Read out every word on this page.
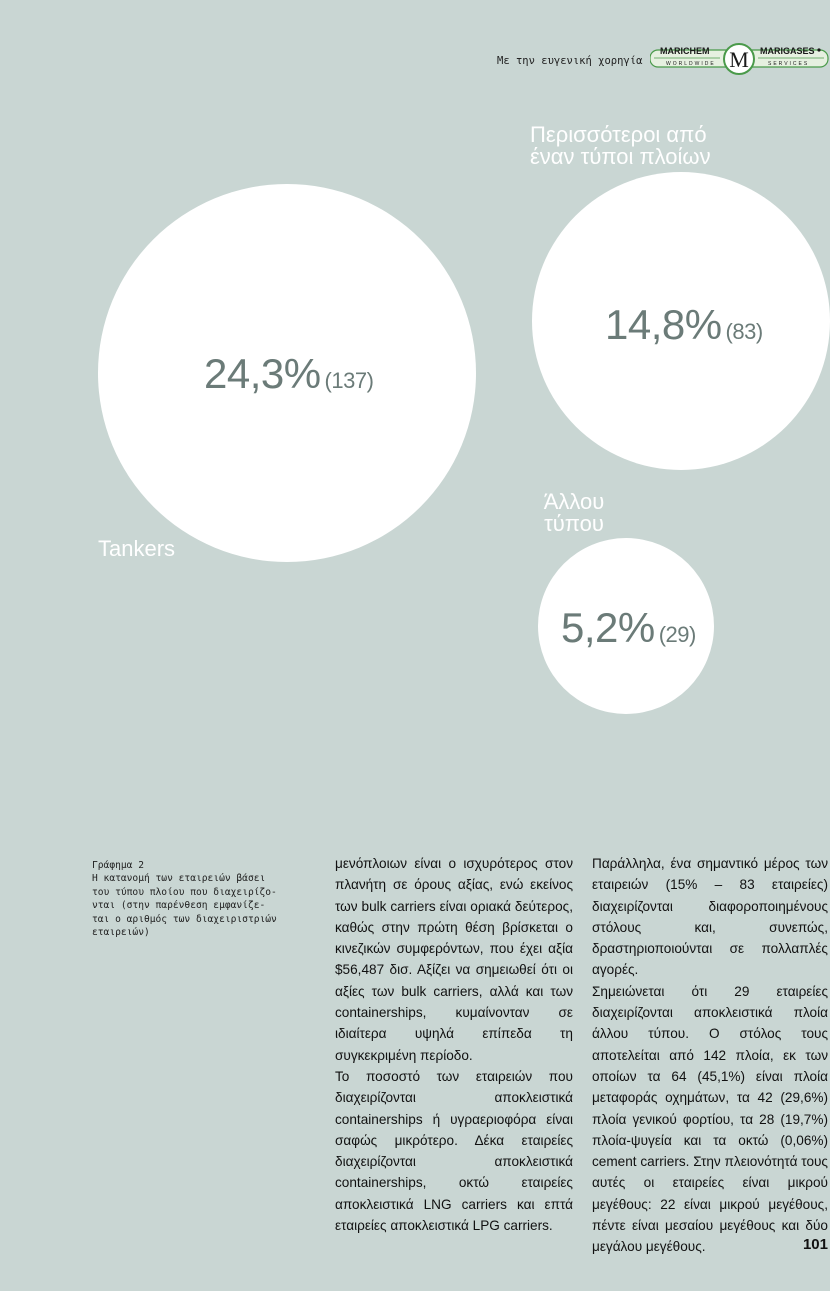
Με την ευγενική χορηγία
MARICHEM
WORLDWIDE
MARIGASES
SERVICES
M
24,3% (137)
Tankers
14,8% (83)
Περισσότεροι από
έναν τύποι πλοίων
5,2% (29)
Άλλου
τύπου
Γράφημα 2
Η κατανομή των εταιρειών βάσει
του τύπου πλοίου που διαχειρίζο-
νται (στην παρένθεση εμφανίζε-
ται ο αριθμός των διαχειριστριών
εταιρειών)

μενόπλοιων είναι ο ισχυρότερος στον πλανήτη σε όρους αξίας, ενώ εκείνος των bulk carriers είναι οριακά δεύτερος, καθώς στην πρώτη θέση βρίσκεται ο κινεζικών συμφερόντων, που έχει αξία $56,487 δισ. Αξίζει να σημειωθεί ότι οι αξίες των bulk carriers, αλλά και των containerships, κυμαίνονταν σε ιδιαίτερα υψηλά επίπεδα τη συγκεκριμένη περίοδο.

Το ποσοστό των εταιρειών που διαχειρίζονται αποκλειστικά containerships ή υγραεριοφόρα είναι σαφώς μικρότερο. Δέκα εταιρείες διαχειρίζονται αποκλειστικά containerships, οκτώ εταιρείες αποκλειστικά LNG carriers και επτά εταιρείες αποκλειστικά LPG carriers.

Παράλληλα, ένα σημαντικό μέρος των εταιρειών (15% – 83 εταιρείες) διαχειρίζονται διαφοροποιημένους στόλους και, συνεπώς, δραστηριοποιούνται σε πολλαπλές αγορές.

Σημειώνεται ότι 29 εταιρείες διαχειρίζονται αποκλειστικά πλοία άλλου τύπου. Ο στόλος τους αποτελείται από 142 πλοία, εκ των οποίων τα 64 (45,1%) είναι πλοία μεταφοράς οχημάτων, τα 42 (29,6%) πλοία γενικού φορτίου, τα 28 (19,7%) πλοία-ψυγεία και τα οκτώ (0,06%) cement carriers. Στην πλειονότητά τους αυτές οι εταιρείες είναι μικρού μεγέθους: 22 είναι μικρού μεγέθους, πέντε είναι μεσαίου μεγέθους και δύο μεγάλου μεγέθους.	101
